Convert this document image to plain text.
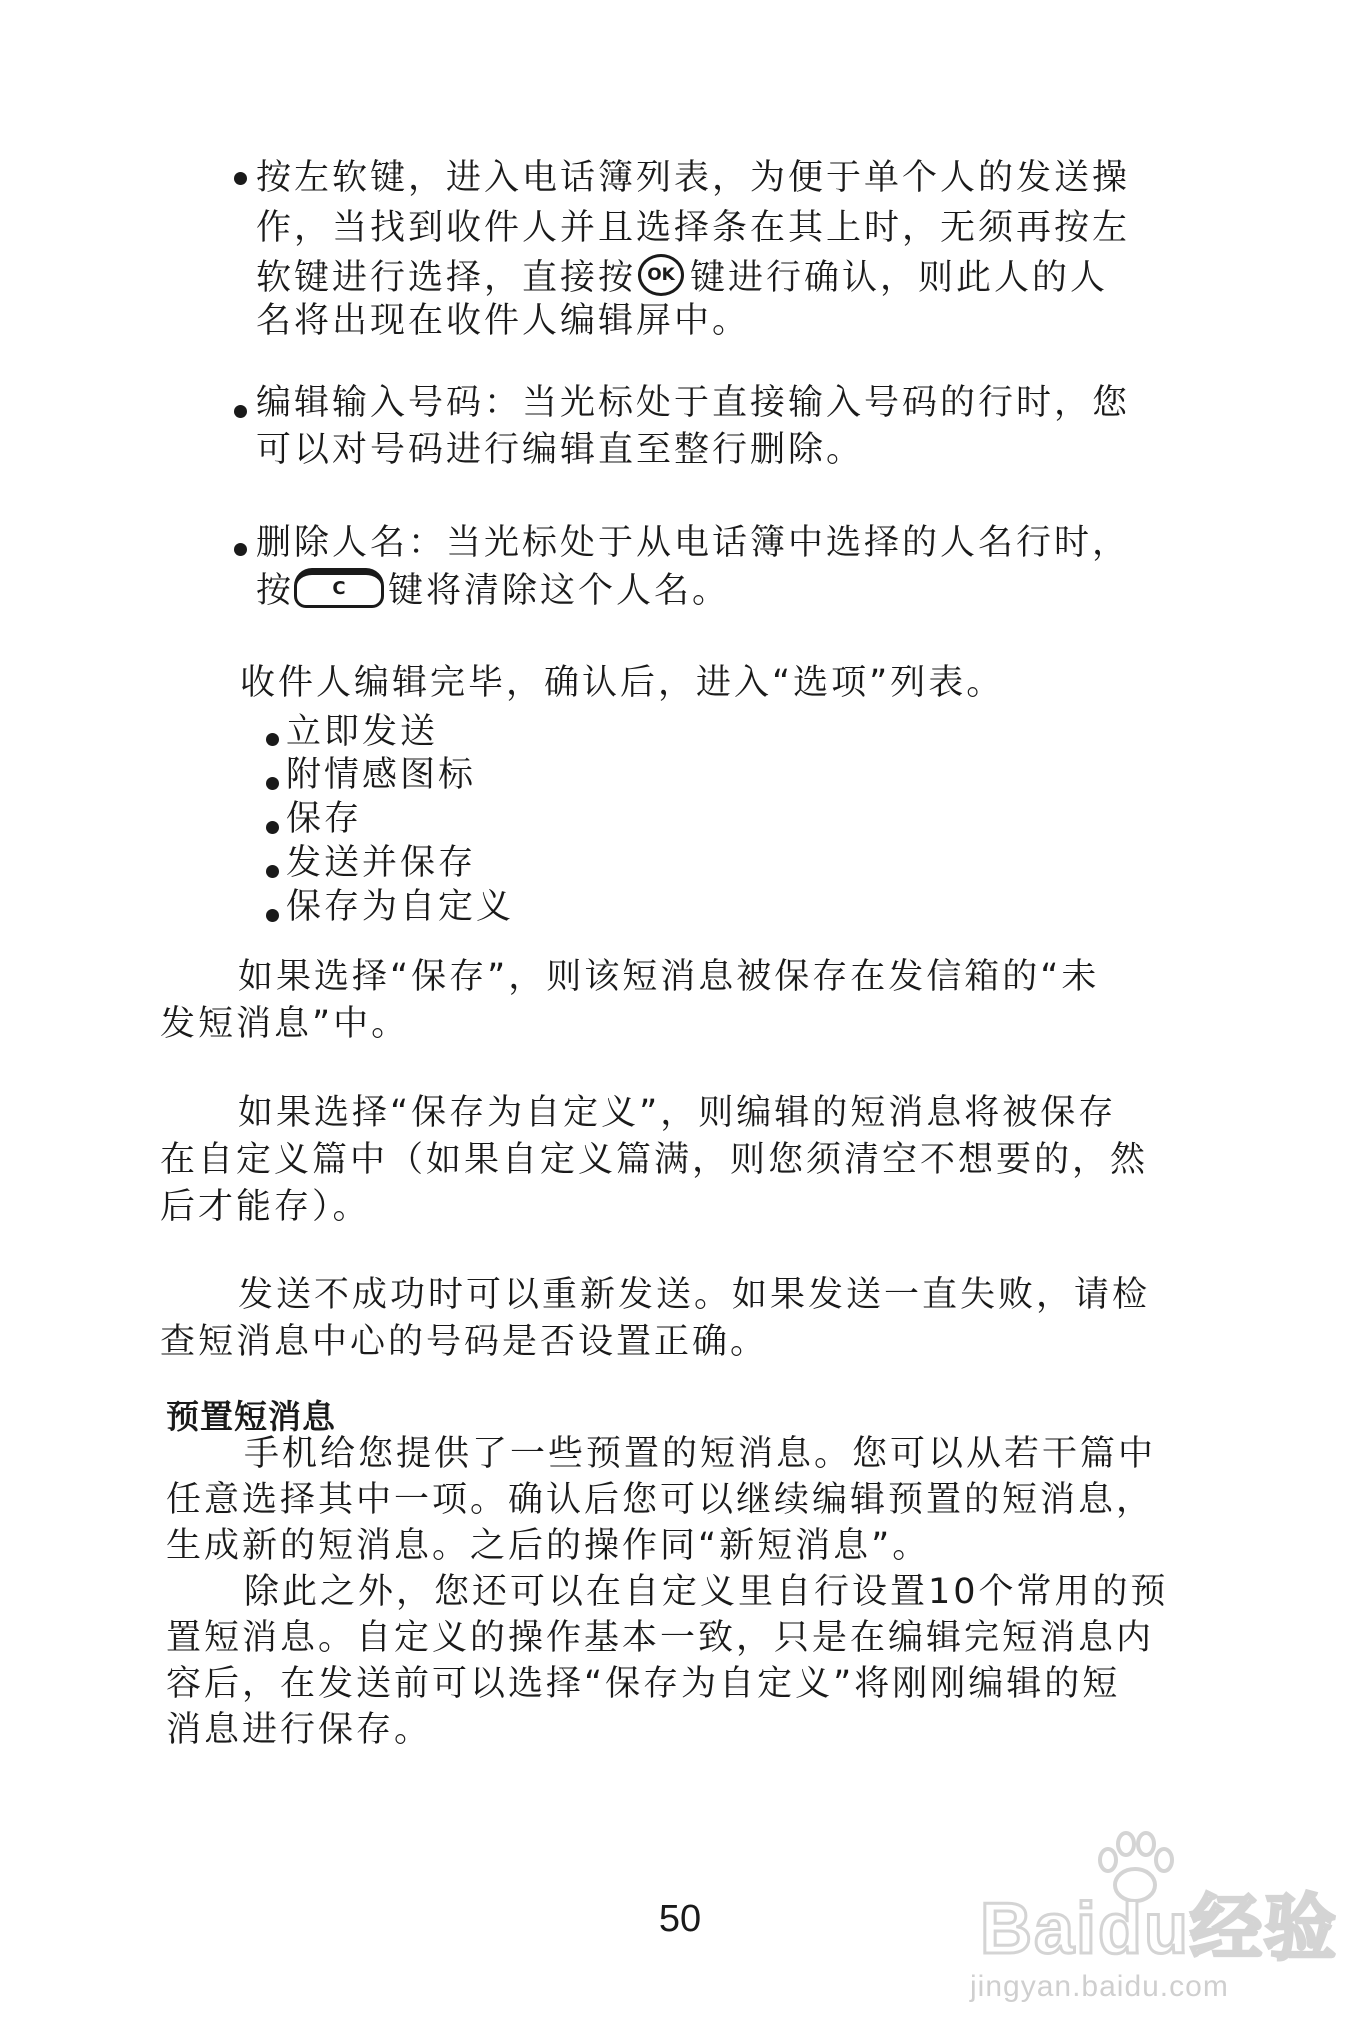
按左软键，进入电话簿列表，为便于单个人的发送操
作，当找到收件人并且选择条在其上时，无须再按左
软键进行选择，直接按 OK 键进行确认，则此人的人
名将出现在收件人编辑屏中。
编辑输入号码：当光标处于直接输入号码的行时，您
可以对号码进行编辑直至整行删除。
删除人名：当光标处于从电话簿中选择的人名行时，
按 C 键将清除这个人名。
收件人编辑完毕，确认后，进入“选项”列表。
立即发送
附情感图标
保存
发送并保存
保存为自定义
如果选择“保存”，则该短消息被保存在发信箱的“未
发短消息”中。
如果选择“保存为自定义”，则编辑的短消息将被保存
在自定义篇中（如果自定义篇满，则您须清空不想要的，然
后才能存）。
发送不成功时可以重新发送。如果发送一直失败，请检
查短消息中心的号码是否设置正确。
预置短消息
手机给您提供了一些预置的短消息。您可以从若干篇中
任意选择其中一项。确认后您可以继续编辑预置的短消息，
生成新的短消息。之后的操作同“新短消息”。
除此之外，您还可以在自定义里自行设置10个常用的预
置短消息。自定义的操作基本一致，只是在编辑完短消息内
容后，在发送前可以选择“保存为自定义”将刚刚编辑的短
消息进行保存。
50	Baidu经验
jingyan.baidu.com
